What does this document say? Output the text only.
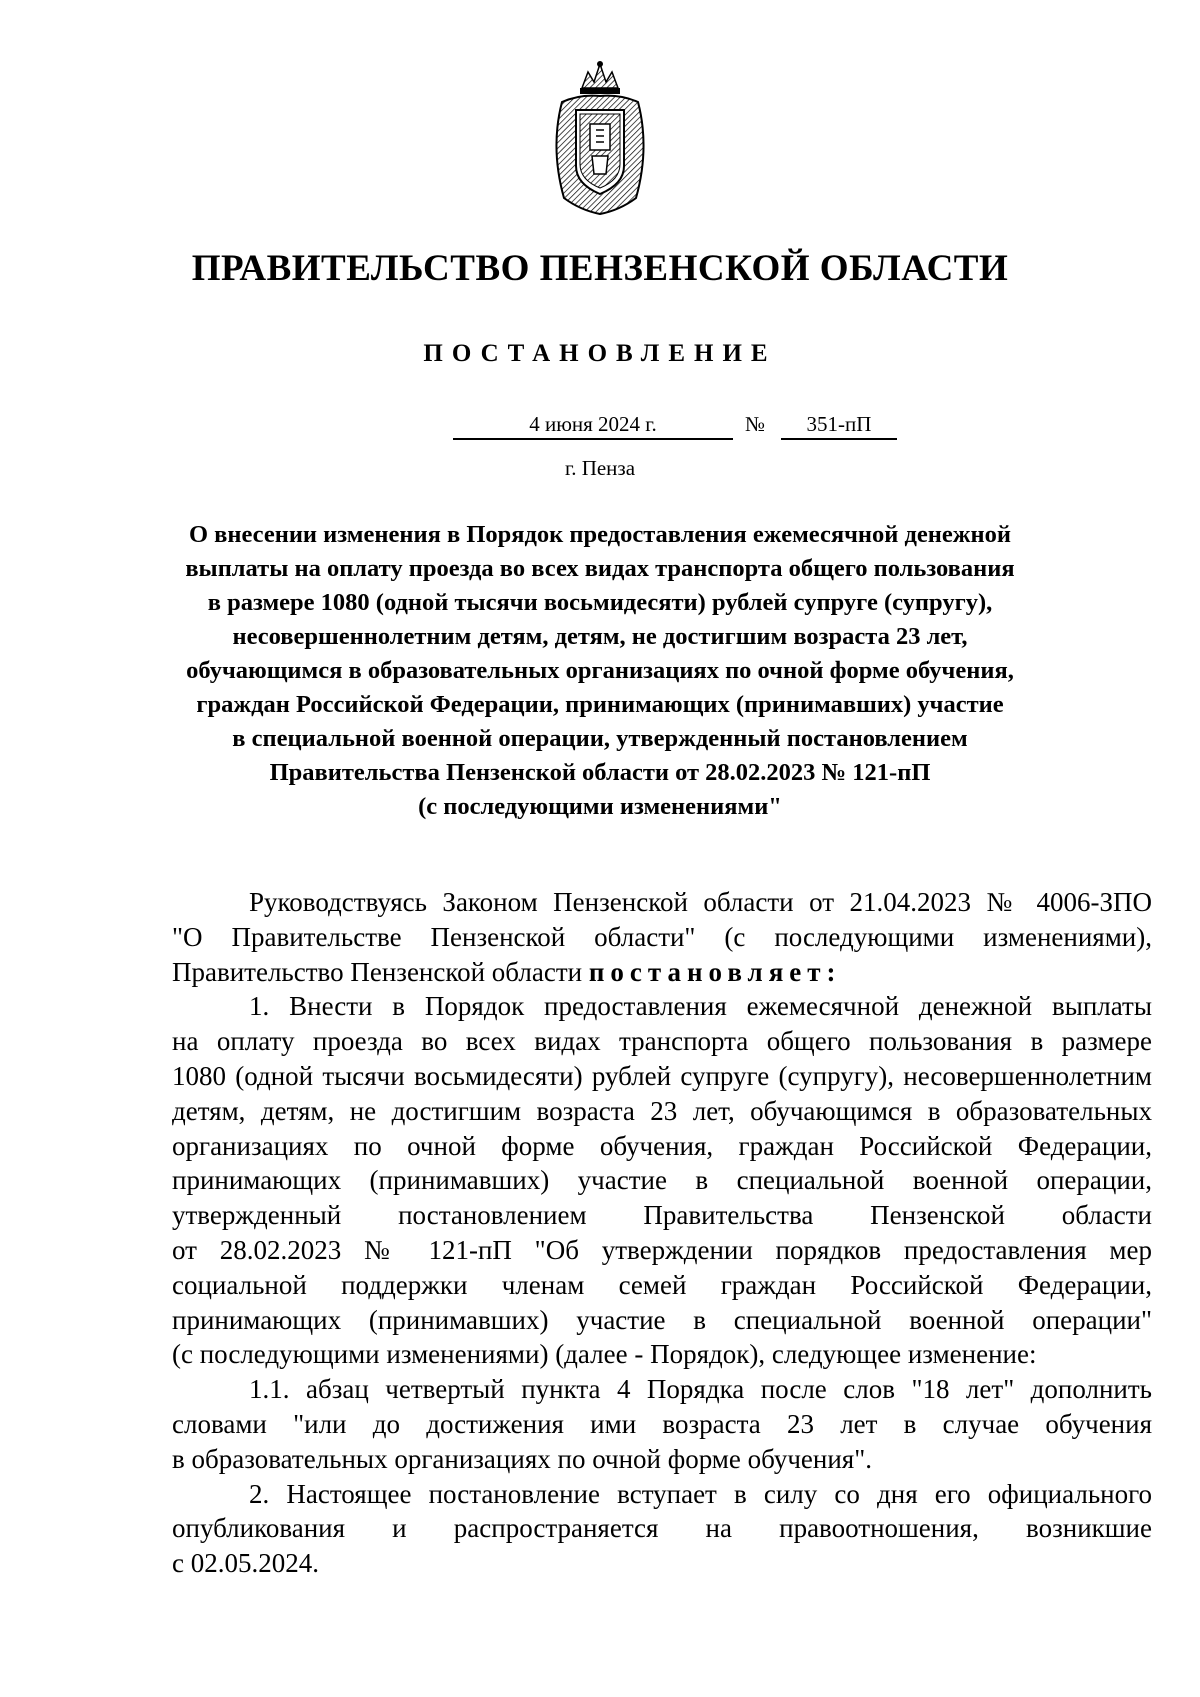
ПРАВИТЕЛЬСТВО ПЕНЗЕНСКОЙ ОБЛАСТИ
ПОСТАНОВЛЕНИЕ
4 июня 2024 г.	№	351-пП
г. Пенза
О внесении изменения в Порядок предоставления ежемесячной денежной
выплаты на оплату проезда во всех видах транспорта общего пользования
в размере 1080 (одной тысячи восьмидесяти) рублей супруге (супругу),
несовершеннолетним детям, детям, не достигшим возраста 23 лет,
обучающимся в образовательных организациях по очной форме обучения,
граждан Российской Федерации, принимающих (принимавших) участие
в специальной военной операции, утвержденный постановлением
Правительства Пензенской области от 28.02.2023 № 121-пП
(с последующими изменениями"
Руководствуясь Законом Пензенской области от 21.04.2023 № 4006-ЗПО
"О Правительстве Пензенской области" (с последующими изменениями),
Правительство Пензенской области постановляет:
1. Внести в Порядок предоставления ежемесячной денежной выплаты
на оплату проезда во всех видах транспорта общего пользования в размере
1080 (одной тысячи восьмидесяти) рублей супруге (супругу), несовершеннолетним
детям, детям, не достигшим возраста 23 лет, обучающимся в образовательных
организациях по очной форме обучения, граждан Российской Федерации,
принимающих (принимавших) участие в специальной военной операции,
утвержденный постановлением Правительства Пензенской области
от 28.02.2023 № 121-пП "Об утверждении порядков предоставления мер
социальной поддержки членам семей граждан Российской Федерации,
принимающих (принимавших) участие в специальной военной операции"
(с последующими изменениями) (далее - Порядок), следующее изменение:
1.1. абзац четвертый пункта 4 Порядка после слов "18 лет" дополнить
словами "или до достижения ими возраста 23 лет в случае обучения
в образовательных организациях по очной форме обучения".
2. Настоящее постановление вступает в силу со дня его официального
опубликования и распространяется на правоотношения, возникшие
с 02.05.2024.
